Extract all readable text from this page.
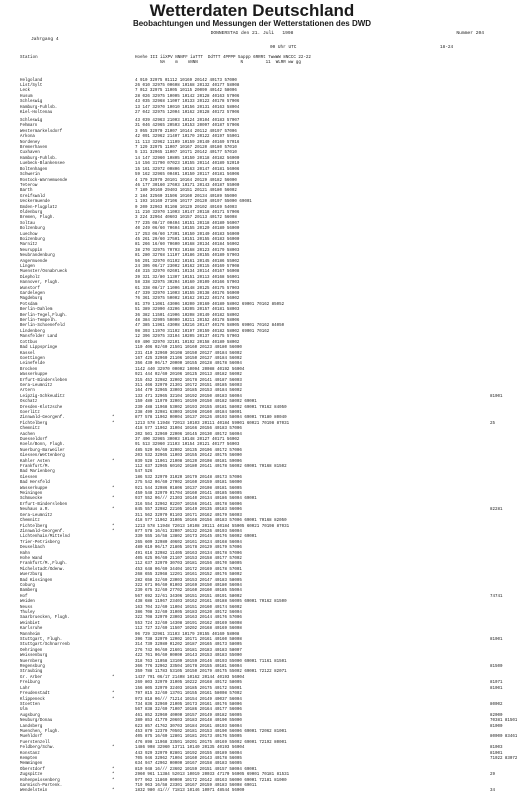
Wetterdaten Deutschland
Beobachtungen und Messungen der Wetterstationen des DWD

Jahrgang 4

DONNERSTAG den 21. Juli   1998

	Nummer 204

00 Uhr UTC	18-24

Station

	Hoehe III iiXPV NNNFF iaTTT  DdTTT 4PPPP 5appp 6RRRt 7wwWW 8NCCC 22-22

NA    m    nNNN                 N         11  WLRR ww gg

Helgoland	4 910 32975 01112 10169 20142 40173 57000
List/Sylt	26 010 32975 00608 10168 20132 40177 58008
Leck	7 012 32975 11005 10115 20099 40142 58006
Husum	28 026 32975 10005 10142 20128 40163 57006
Schleswig	43 035 32968 11007 10133 20122 40178 57006
Hamburg-Fuhlsb.	13 147 32970 10010 10156 20131 40163 58004
Kiel-Holtenau	27 042 32975 12004 10162 20128 40172 57006
Schleswig	43 039 42963 21003 10124 20104 40183 57007
Fehmarn	31 046 42965 20503 10153 20097 40187 57006
Westermarkelsdorf	3 055 32970 21007 10144 20112 40197 57006
Arkona	42 091 32962 21407 10170 20122 40197 55001
Nordeney	11 113 32962 11109 10159 20140 40169 57016
Bremerhaven	7 129 32975 11007 10167 20120 40180 57010
Cuxhaven	5 131 32965 11007 10171 20142 40177 57010
Hamburg-Fuhlsb.	14 147 32960 10805 10150 20118 40182 56000
Luebeck-Blankensee	14 156 31790 07023 10155 20114 40189 52010
Boltenhagen	15 161 32972 00806 10163 20147 40181 56006
Schwerin	59 162 32965 00401 10150 20117 40181 56006
Rostock-Warnemuende	4 170 32970 20101 10164 20129 40182 56000
Teterow	46 177 30160 27603 10171 20143 40187 55000
Barth	7 180 30160 29403 10151 20121 40180 56002
Greifswald	2 184 32560 31506 10160 20134 40189 55000
Ueckermuende	1 193 16160 27106 10177 20120 40197 55000 69001
Emden-Flugplatz	0 200 32963 01108 10129 20102 40169 54003
Oldenburg	11 210 32970 11003 10147 20118 40171 57006
Bremen, Flugh.	3 224 32964 40603 10157 20113 40172 56008
Soltau	77 235 08/17 00404 10151 20118 40180 56007
Bolzenburg	40 249 06/60 70604 10155 20120 40180 56000
Luechow	17 253 06/60 17301 10150 20140 40183 56000
Boizenburg	45 261 20/60 27501 10151 20155 40183 56000
Marnitz	81 266 16/60 70600 10168 20134 40184 56002
Neuruppin	38 270 32975 70703 10168 20123 40179 58003
Neubrandenburg	81 280 32768 11107 10186 20155 40180 57003
Angermuende	56 291 32970 01102 10161 20145 40186 55002
Lingen	24 305 06/17 23002 10162 20115 40169 57008
Muenster/Osnabrueck	48 315 32970 02601 10134 20114 40167 56008
Diepholz	39 321 32/80 11307 10151 20113 40168 56001
Hannover, Flugh.	58 338 32975 30204 10160 20109 40166 57003
Wunstorf	61 338 08/17 11006 10148 20125 40175 57003
Gardelegen	47 339 32970 11003 10155 20138 40176 56000
Magdeburg	76 361 32975 50002 10162 20122 40174 56002
Potsdam	81 379 11061 43006 10200 20160 40180 58002 69001 70162 85052
Berlin-Dahlem	51 389 32990 43206 10205 20157 40181 58003
Berlin-Tegel,Flugh.	36 382 11501 41906 10208 20149 40182 58002
Berlin-Tempelh.	48 384 32995 50000 10211 20152 40178 58006
Berlin-Schoenefeld	47 385 11961 43008 10216 20147 40176 58005 69001 70162 84050
Lindenberg	98 393 11970 31102 10197 20159 40182 58002 69001 70162
Mansfelder Land	12 396 32975 33104 10205 20137 40175 57003
Cottbus	69 400 32970 32101 10192 20158 40180 58002
Bad Lippspringe	110 406 02/60 21501 10160 20123 40180 56000
Kassel	231 410 32960 36108 10150 20127 40184 56002
Goettingen	167 425 32960 21106 10150 20127 40184 56002
Leinefelde	356 430 06/17 20000 10155 20128 40178 56004
Brocken	1142 440 32970 00002 10094 20088 40192 56004
Wasserkuppe	921 444 02/60 20106 10125 20113 40182 56002
Erfurt-Bindersleben	315 452 32982 32002 10178 20141 40187 56003
Gera-Leumnitz	311 466 32970 21301 10172 20151 40185 56003
Artern	164 470 32965 33003 10185 20153 40184 56002
Leipzig-Schkeuditz	133 471 32965 32104 10192 20150 40183 56004	81001
Oschatz	150 480 11970 32001 10199 20150 40182 58002 69001
Dresden-Klotzsche	230 488 11968 53002 10193 20155 40181 58002 69001 70162 84050
Goerlitz	238 499 32981 63003 10198 20160 40184 58001
Zinnwald-Georgenf.	*	877 578 11962 00004 10137 20126 40193 58004 69001 70180 80040
Fichtelberg	*	1213 578 11948 72013 10103 20111 40184 59001 60021 70198 87031	25
Chemnitz	418 577 11962 31004 10166 20156 40183 57006
Aachen	202 501 32960 22006 10145 20130 40172 56004
Duesseldorf	37 400 32965 30003 10148 20127 40171 56002
Koeln/Bonn, Flugh.	91 513 32960 21103 10154 20121 40177 56003
Nuerburg-Barweiler	485 520 06/60 32002 10135 20106 40172 57006
Giessen/Wettenberg	203 532 32965 11003 10155 20142 40175 56000
Kahler Asten	*	839 528 11061 21008 10120 20108 40181 59006
Frankfurt/M.	112 637 32965 60102 10180 20141 40178 56002 69001 70168 81502
Bad Marienberg	547 526
Giessen	186 532 32970 31020 10179 20148 40173 57006
Bad Hersfeld	275 542 06/60 27002 10160 20159 40181 56000
Wasserkuppe	*	921 544 32986 01806 10137 20108 40181 56005
Meiningen	450 548 32970 01704 10160 20141 40185 56005
Schmuecke	*	937 552 06/// 21303 10140 20134 40186 56004 69001
Erfurt-Bindersleben	316 554 32962 02207 10156 20141 40178 56006
Neuhaus a.R.	*	845 557 32982 22105 10149 20135 40183 56006	82281
Gera-Leumnitz	311 562 32970 01103 10171 20162 40179 56003
Chemnitz	418 577 11962 31005 10166 20156 40183 57006 69001 70168 82050
Fichtelberg	*	1213 578 11948 72013 10108 20111 40184 55005 60021 70198 87031
Zinnwald-Georgenf.	*	877 578 16/61 32007 10132 20126 40193 56004
Lichtenhain/Mittelnd	330 555 16/58 13802 10173 20145 40176 56002 69001
Trier-Petrisberg	265 609 32980 40602 10161 20124 40168 56004
Deuselbach	480 610 06/17 21805 10178 20129 40179 57006
Hahn	491 616 32982 11405 10163 20134 40178 57006
Hohe Wand	405 625 06/60 21107 10153 20158 40177 57002
Frankfurt/M.,Flugh.	112 637 32970 30703 10181 20156 40170 58005
Michelstadt/Odenw.	453 648 06/60 34404 10172 20169 40178 57001
Wuerzburg	268 655 32968 12201 10161 20152 40176 58002
Bad Kissingen	282 658 32/60 23003 10153 20147 40183 58005
Coburg	322 671 06/60 01003 10169 20150 40180 56004
Bamberg	239 675 32/60 27702 10160 20160 40185 55004
Hof	567 692 32/61 34306 10151 20151 40191 58002	74741
Weiden	438 688 11967 23403 10162 20161 40188 56005 69001 70162 81500
Neuss	163 704 32/60 11004 10151 20160 40174 56002
Thuley	386 708 32/60 31005 10183 20120 40172 56004
Saarbruecken, Flugh.	322 708 32970 23003 10163 20144 40176 57006
Weinbiet	553 724 32/60 14308 10191 20162 40169 56008
Karlsruhe	112 727 32/60 11507 10202 20168 40169 56008
Mannheim	96 729 32961 31103 10179 20155 40160 58008
Stuttgart, Flugh.	396 738 32970 12002 10171 20161 40160 58008	81001
Stuttgart/Schnarrenb	314 739 32980 01202 10187 20165 40173 58005
Oehringen	276 742 06/60 21601 10181 20183 40183 58007
Weissenburg	422 761 06/60 00000 10143 20153 40183 55000
Nuernberg	318 763 11058 13109 10159 20146 40193 55000 69001 71161 81501
Regensburg	366 776 32962 33504 10178 20155 40181 56004	81500
Straubing	350 788 11783 53105 10150 20179 40175 55002 69001 72122 82071
Gr. Arber	*	1437 791 06/17 21408 10162 20144 40193 56004
Freiburg	269 803 32970 31005 10222 20168 40172 58005	81071
Lahr	156 805 32970 32403 10185 20175 40172 55001	81001
Freudenstadt	*	797 815 32/60 13701 10155 20161 58008 57002
Klippeneck	*	973 818 06/// 71214 10154 20149 40037 56004
Stoetten	734 836 32960 21005 10173 20161 40176 58006	80002
Ulm	567 838 32/60 71007 10186 20164 40177 56006
Augsburg	461 852 32960 40000 10157 20149 40182 56005	82000
Neuburg/Donau	380 853 41770 20603 10183 20148 40190 55000	70381 81501
Landsberg	623 857 41762 30703 10184 20161 40193 56004	81000
Muenchen, Flugh.	453 870 12370 70502 10181 20153 40190 56006 69001 72062 81001
Muehldorf	405 875 16/60 12801 10181 20173 40176 55005	80000 83461
Fuerstenzell	476 898 11968 33501 10201 20175 40169 55002 69001 72192 80001
Feldberg/Schw.	*	1486 908 32960 13711 10140 20135 40193 56004	81003
Konstanz	443 929 32970 02801 10192 20155 40189 56004	81001
Kempten	705 946 32962 71004 10160 20143 40178 56005	71022 83072
Memmingen	634 947 42962 00000 10167 20158 40183 56005
Oberstdorf	*	810 948 16/// 23602 10159 20151 40157 58004 69001
Zugspitze	*	2960 961 11384 52013 10019 20033 47170 56005 69001 70181 81531	29
Hohenpeissenberg	*	977 962 11860 00000 10172 20142 40163 56000 69001 72181 81000
Garmisch-Partenk.	719 963 16/58 23301 10167 20159 40183 56008 69011
Wendelstein	*	1832 980 41/// 71813 10146 10071 48544 56000	34
